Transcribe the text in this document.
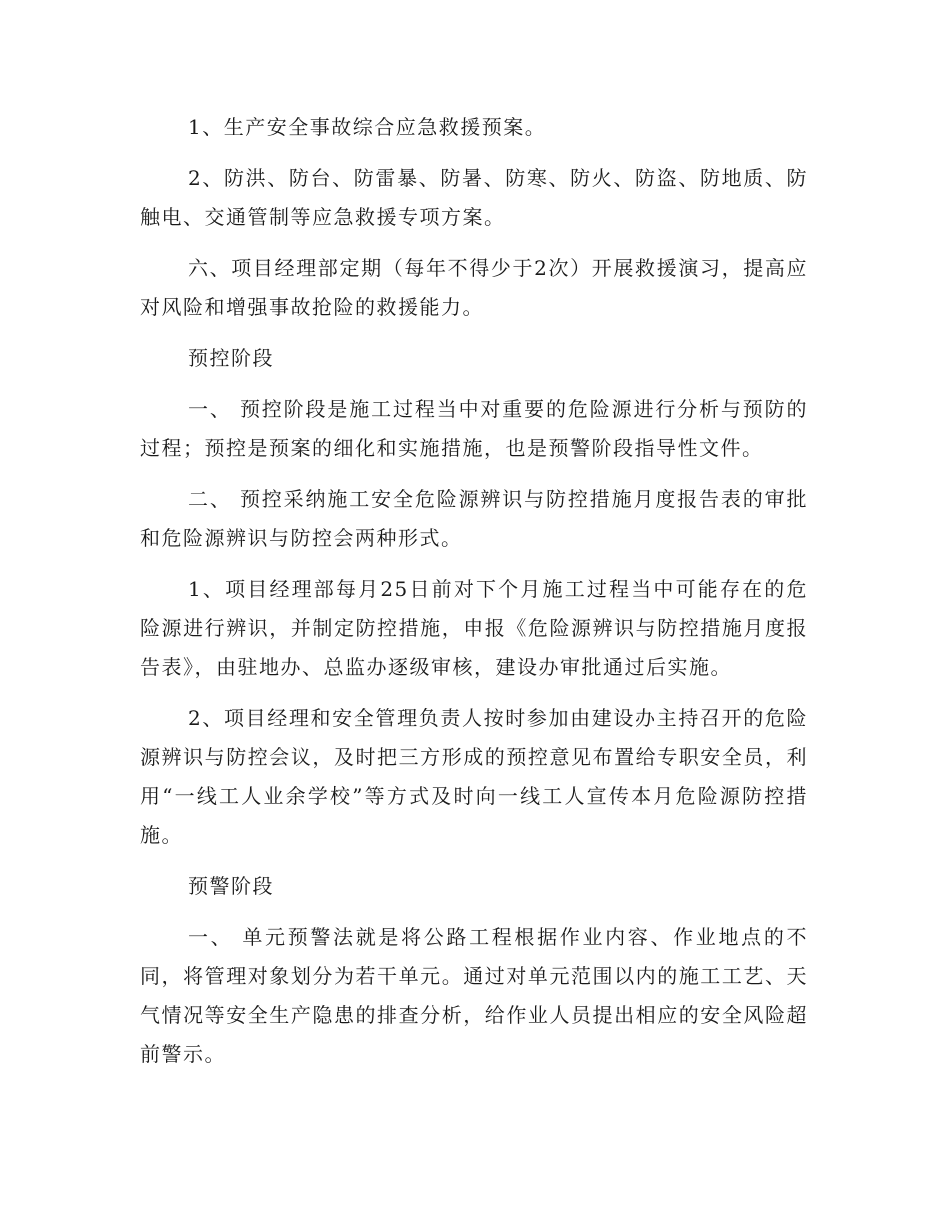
1、生产安全事故综合应急救援预案。

2、防洪、防台、防雷暴、防暑、防寒、防火、防盗、防地质、防触电、交通管制等应急救援专项方案。

六、项目经理部定期（每年不得少于2次）开展救援演习，提高应对风险和增强事故抢险的救援能力。

预控阶段

一、 预控阶段是施工过程当中对重要的危险源进行分析与预防的过程；预控是预案的细化和实施措施，也是预警阶段指导性文件。

二、 预控采纳施工安全危险源辨识与防控措施月度报告表的审批和危险源辨识与防控会两种形式。

1、项目经理部每月25日前对下个月施工过程当中可能存在的危险源进行辨识，并制定防控措施，申报《危险源辨识与防控措施月度报告表》，由驻地办、总监办逐级审核，建设办审批通过后实施。

2、项目经理和安全管理负责人按时参加由建设办主持召开的危险源辨识与防控会议，及时把三方形成的预控意见布置给专职安全员，利用“一线工人业余学校”等方式及时向一线工人宣传本月危险源防控措施。

预警阶段

一、 单元预警法就是将公路工程根据作业内容、作业地点的不同，将管理对象划分为若干单元。通过对单元范围以内的施工工艺、天气情况等安全生产隐患的排查分析，给作业人员提出相应的安全风险超前警示。
